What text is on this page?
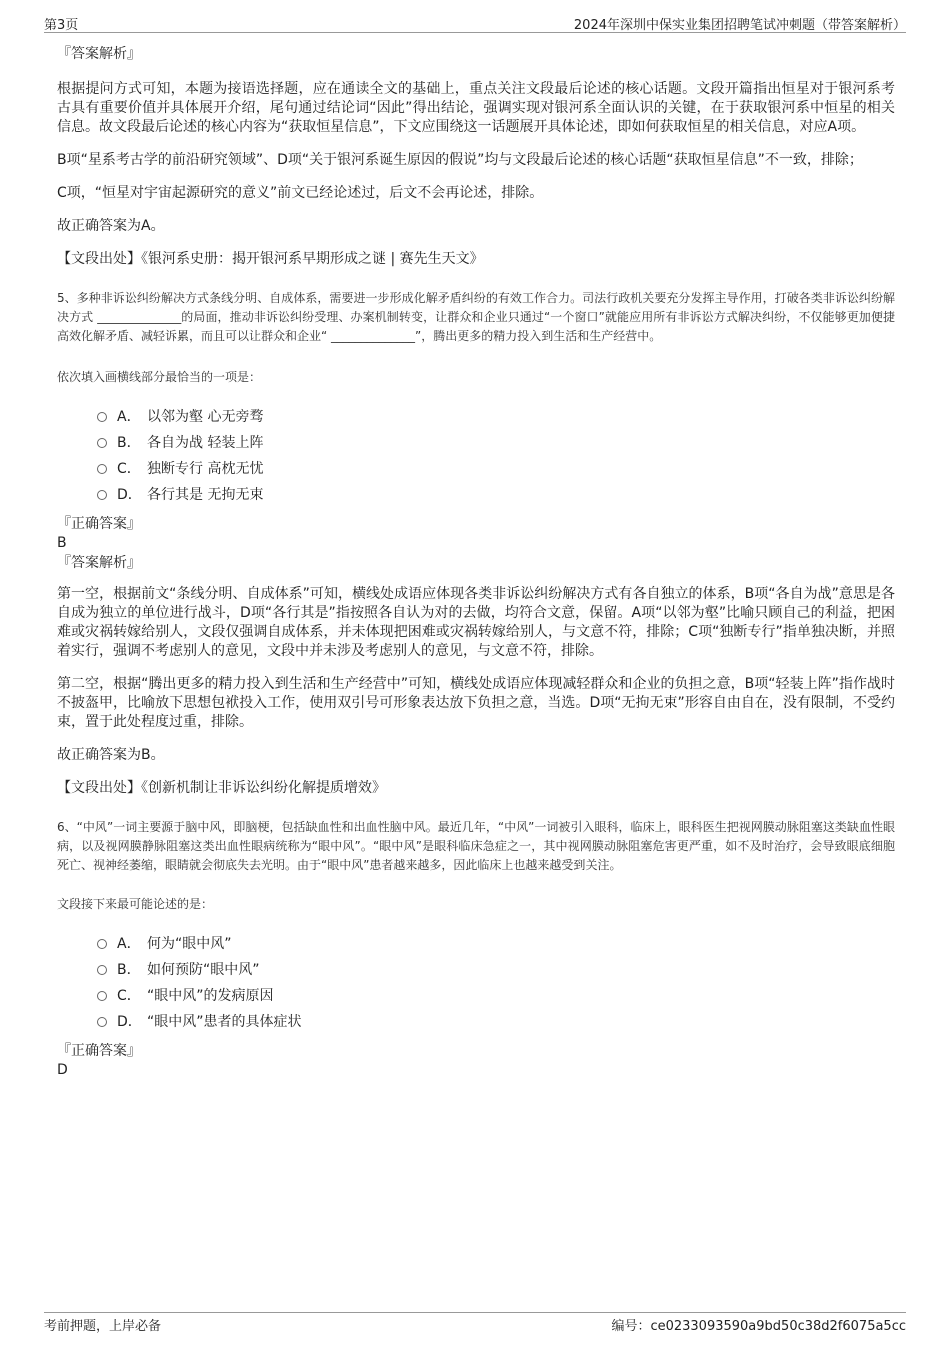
第3页	2024年深圳中保实业集团招聘笔试冲刺题（带答案解析）
『答案解析』

根据提问方式可知，本题为接语选择题，应在通读全文的基础上，重点关注文段最后论述的核心话题。文段开篇指出恒星对于银河系考古具有重要价值并具体展开介绍，尾句通过结论词“因此”得出结论，强调实现对银河系全面认识的关键，在于获取银河系中恒星的相关信息。故文段最后论述的核心内容为“获取恒星信息”，下文应围绕这一话题展开具体论述，即如何获取恒星的相关信息，对应A项。

B项“星系考古学的前沿研究领域”、D项“关于银河系诞生原因的假说”均与文段最后论述的核心话题“获取恒星信息”不一致，排除；

C项，“恒星对宇宙起源研究的意义”前文已经论述过，后文不会再论述，排除。

故正确答案为A。

【文段出处】《银河系史册：揭开银河系早期形成之谜 | 赛先生天文》

5、多种非诉讼纠纷解决方式条线分明、自成体系，需要进一步形成化解矛盾纠纷的有效工作合力。司法行政机关要充分发挥主导作用，打破各类非诉讼纠纷解决方式 ______________的局面，推动非诉讼纠纷受理、办案机制转变，让群众和企业只通过“一个窗口”就能应用所有非诉讼方式解决纠纷，不仅能够更加便捷高效化解矛盾、减轻诉累，而且可以让群众和企业“ ______________”，腾出更多的精力投入到生活和生产经营中。
依次填入画横线部分最恰当的一项是：
A． 以邻为壑 心无旁骛
B． 各自为战 轻装上阵
C． 独断专行 高枕无忧
D． 各行其是 无拘无束
『正确答案』
B
『答案解析』

第一空，根据前文“条线分明、自成体系”可知，横线处成语应体现各类非诉讼纠纷解决方式有各自独立的体系，B项“各自为战”意思是各自成为独立的单位进行战斗，D项“各行其是”指按照各自认为对的去做，均符合文意，保留。A项“以邻为壑”比喻只顾自己的利益，把困难或灾祸转嫁给别人，文段仅强调自成体系，并未体现把困难或灾祸转嫁给别人，与文意不符，排除；C项“独断专行”指单独决断，并照着实行，强调不考虑别人的意见，文段中并未涉及考虑别人的意见，与文意不符，排除。

第二空，根据“腾出更多的精力投入到生活和生产经营中”可知，横线处成语应体现减轻群众和企业的负担之意，B项“轻装上阵”指作战时不披盔甲，比喻放下思想包袱投入工作，使用双引号可形象表达放下负担之意，当选。D项“无拘无束”形容自由自在，没有限制，不受约束，置于此处程度过重，排除。

故正确答案为B。

【文段出处】《创新机制让非诉讼纠纷化解提质增效》

6、“中风”一词主要源于脑中风，即脑梗，包括缺血性和出血性脑中风。最近几年，“中风”一词被引入眼科，临床上，眼科医生把视网膜动脉阻塞这类缺血性眼病，以及视网膜静脉阻塞这类出血性眼病统称为“眼中风”。“眼中风”是眼科临床急症之一，其中视网膜动脉阻塞危害更严重，如不及时治疗，会导致眼底细胞死亡、视神经萎缩，眼睛就会彻底失去光明。由于“眼中风”患者越来越多，因此临床上也越来越受到关注。
文段接下来最可能论述的是：
A． 何为“眼中风”
B． 如何预防“眼中风”
C． “眼中风”的发病原因
D． “眼中风”患者的具体症状
『正确答案』
D
考前押题，上岸必备	编号：ce0233093590a9bd50c38d2f6075a5cc
